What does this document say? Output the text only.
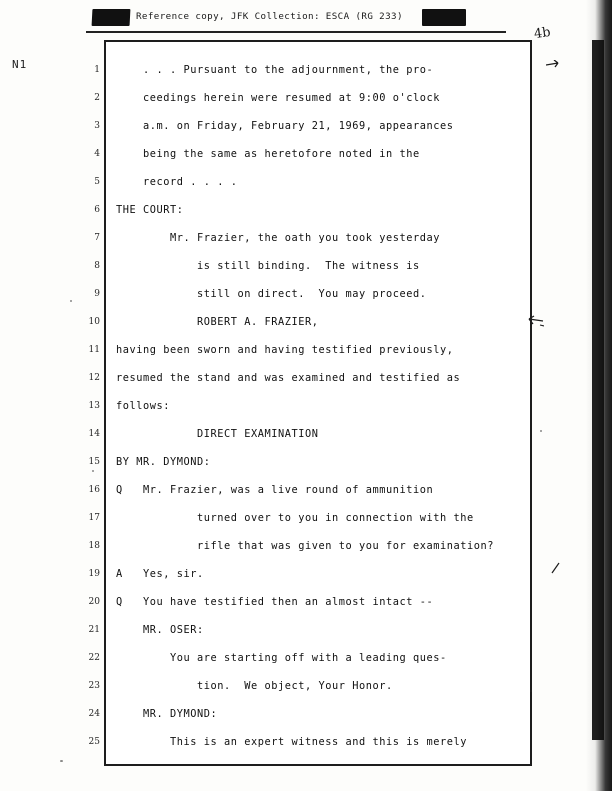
Reference copy, JFK Collection: ESCA (RG 233)
4b
N1	1
2
3
4
5
6
7
8
9
10
11
12
13
14
15
16
17
18
19
20
21
22
23
24
25
. . . Pursuant to the adjournment, the pro-
ceedings herein were resumed at 9:00 o'clock
a.m. on Friday, February 21, 1969, appearances
being the same as heretofore noted in the
record . . . .
THE COURT:
Mr. Frazier, the oath you took yesterday
is still binding.  The witness is
still on direct.  You may proceed.
ROBERT A. FRAZIER,
having been sworn and having testified previously,
resumed the stand and was examined and testified as
follows:
DIRECT EXAMINATION
BY MR. DYMOND:
Q   Mr. Frazier, was a live round of ammunition
turned over to you in connection with the
rifle that was given to you for examination?
A   Yes, sir.
Q   You have testified then an almost intact --
MR. OSER:
You are starting off with a leading ques-
tion.  We object, Your Honor.
MR. DYMOND:
This is an expert witness and this is merely
